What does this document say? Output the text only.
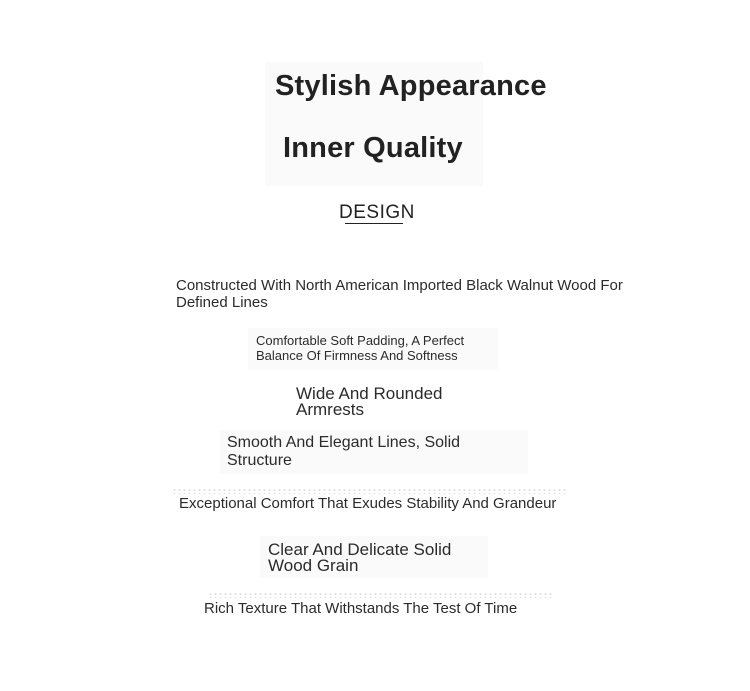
Stylish Appearance
Inner Quality
DESIGN
Constructed With North American Imported Black Walnut Wood For Defined Lines
Comfortable Soft Padding, A Perfect Balance Of Firmness And Softness
Wide And Rounded Armrests
Smooth And Elegant Lines, Solid Structure
Exceptional Comfort That Exudes Stability And Grandeur
Clear And Delicate Solid Wood Grain
Rich Texture That Withstands The Test Of Time
